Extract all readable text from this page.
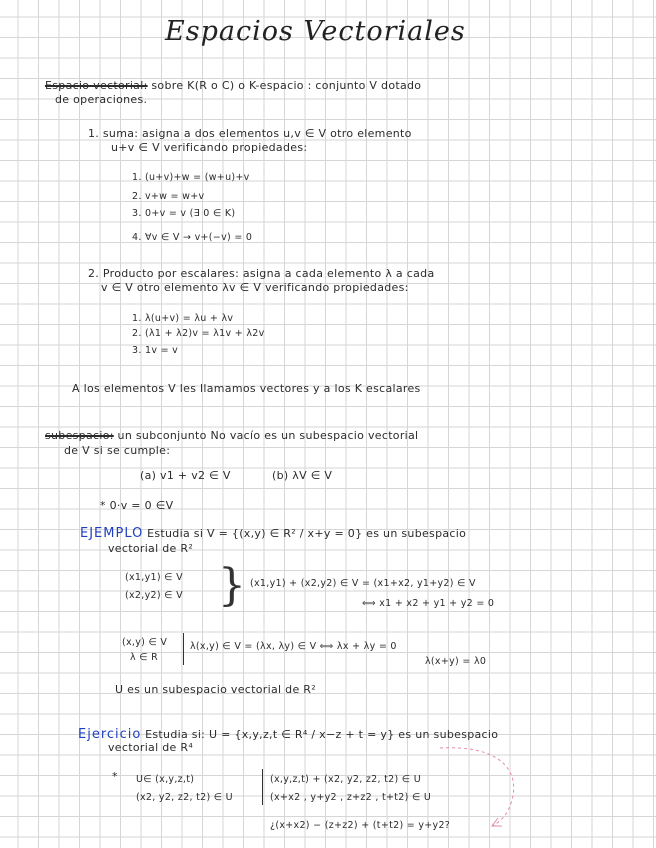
Espacios Vectoriales
Espacio vectorial: sobre K(R o C) o K-espacio : conjunto V dotado
de operaciones.
1. suma: asigna a dos elementos u,v ∈ V otro elemento
u+v ∈ V verificando propiedades:
1. (u+v)+w = (w+u)+v
2. v+w = w+v
3. 0+v = v (∃ 0 ∈ K)
4. ∀v ∈ V → v+(−v) = 0
2. Producto por escalares: asigna a cada elemento λ a cada
v ∈ V otro elemento λv ∈ V verificando propiedades:
1. λ(u+v) = λu + λv
2. (λ1 + λ2)v = λ1v + λ2v
3. 1v = v
A los elementos V les llamamos vectores y a los K escalares
subespacio: un subconjunto No vacío es un subespacio vectorial
de V si se cumple:
(a) v1 + v2 ∈ V	(b) λV ∈ V
* 0·v = 0 ∈V
EJEMPLO Estudia si V = {(x,y) ∈ R² / x+y = 0} es un subespacio
vectorial de R²
(x1,y1) ∈ V
(x2,y2) ∈ V } (x1,y1) + (x2,y2) ∈ V = (x1+x2, y1+y2) ∈ V
⟺ x1 + x2 + y1 + y2 = 0
(x,y) ∈ V
λ ∈ R
λ(x,y) ∈ V = (λx, λy) ∈ V ⟺ λx + λy = 0
λ(x+y) = λ0
U es un subespacio vectorial de R²
Ejercicio Estudia si: U = {x,y,z,t ∈ R⁴ / x−z + t = y} es un subespacio
vectorial de R⁴
* U∈ (x,y,z,t)
(x2, y2, z2, t2) ∈ U
(x,y,z,t) + (x2, y2, z2, t2) ∈ U
(x+x2 , y+y2 , z+z2 , t+t2) ∈ U
¿(x+x2) − (z+z2) + (t+t2) = y+y2?
